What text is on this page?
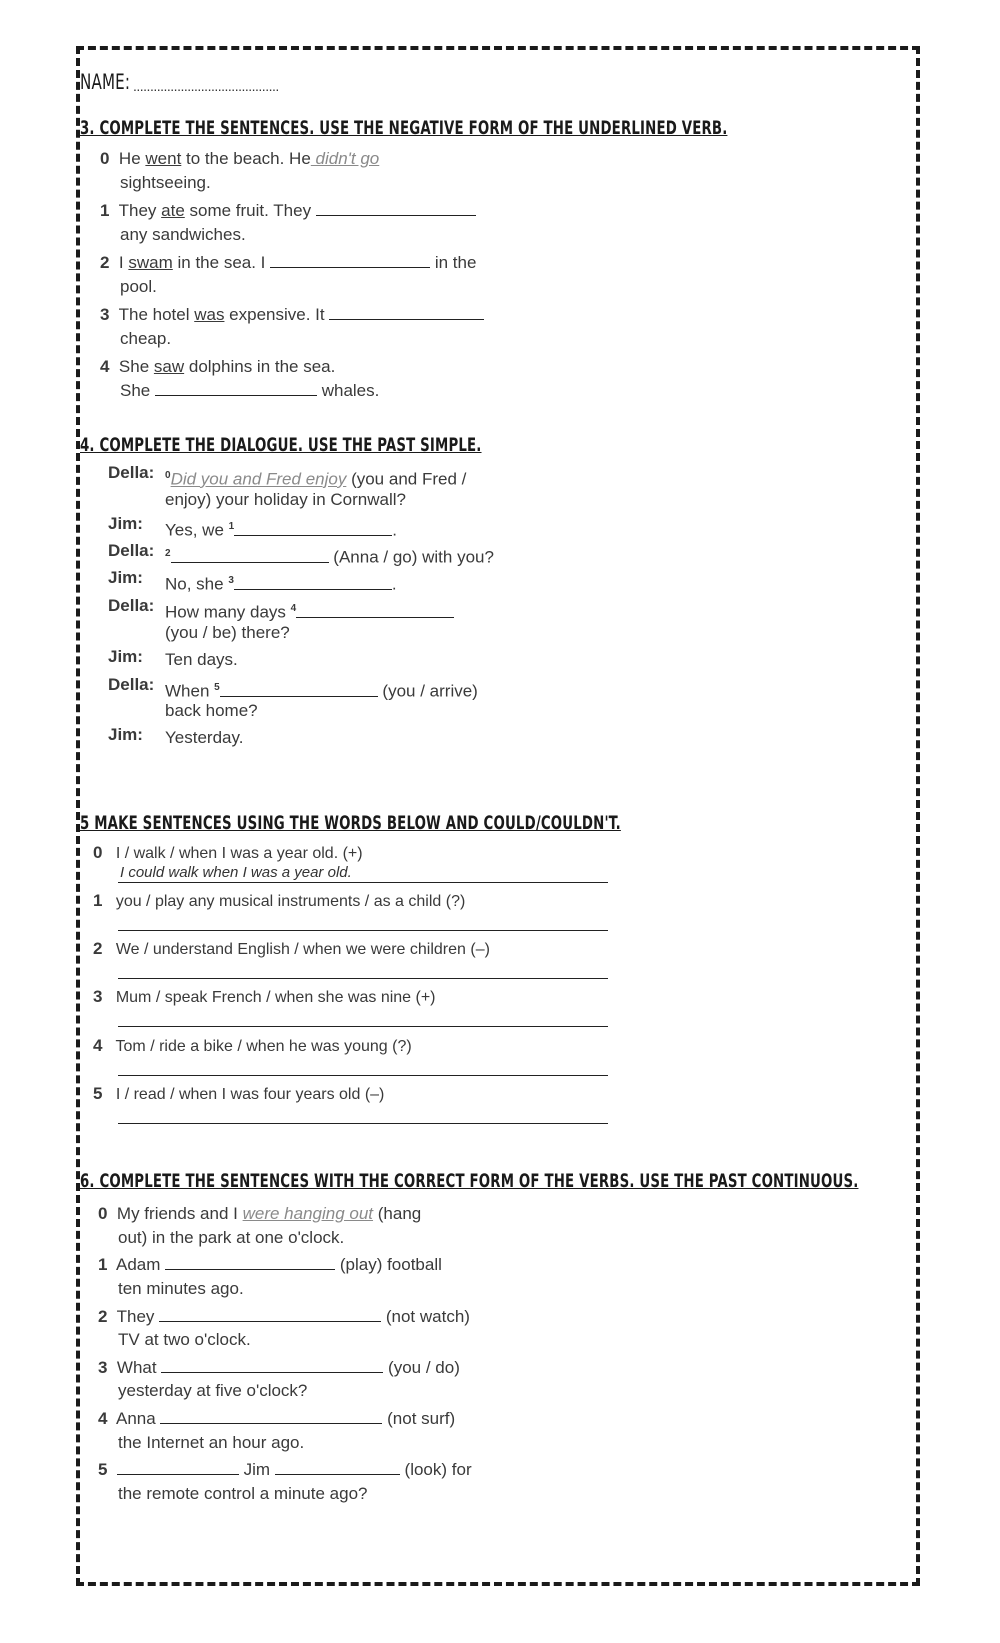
NAME: ...........................................
3. COMPLETE THE SENTENCES. USE THE NEGATIVE FORM OF THE UNDERLINED VERB.
0 He went to the beach. He didn't go
sightseeing.
1 They ate some fruit. They
any sandwiches.
2 I swam in the sea. I	in the
pool.
3 The hotel was expensive. It
cheap.
4 She saw dolphins in the sea.
She	whales.
4. COMPLETE THE DIALOGUE. USE THE PAST SIMPLE.
Della: $^0$Did you and Fred enjoy (you and Fred /
enjoy) your holiday in Cornwall?
Jim: Yes, we $^1$	.
Della: $^2$	(Anna / go) with you?
Jim: No, she $^3$	.
Della: How many days $^4$
(you / be) there?
Jim: Ten days.
Della: When $^5$	(you / arrive)
back home?
Jim: Yesterday.
5 MAKE SENTENCES USING THE WORDS BELOW AND COULD/COULDN'T.
0 I / walk / when I was a year old. (+)
I could walk when I was a year old.
1 you / play any musical instruments / as a child (?)
2 We / understand English / when we were children (–)
3 Mum / speak French / when she was nine (+)
4 Tom / ride a bike / when he was young (?)
5 I / read / when I was four years old (–)
6. COMPLETE THE SENTENCES WITH THE CORRECT FORM OF THE VERBS. USE THE PAST CONTINUOUS.
0 My friends and I were hanging out (hang
out) in the park at one o'clock.
1 Adam	(play) football
ten minutes ago.
2 They	(not watch)
TV at two o'clock.
3 What	(you / do)
yesterday at five o'clock?
4 Anna	(not surf)
the Internet an hour ago.
5	Jim	(look) for
the remote control a minute ago?
